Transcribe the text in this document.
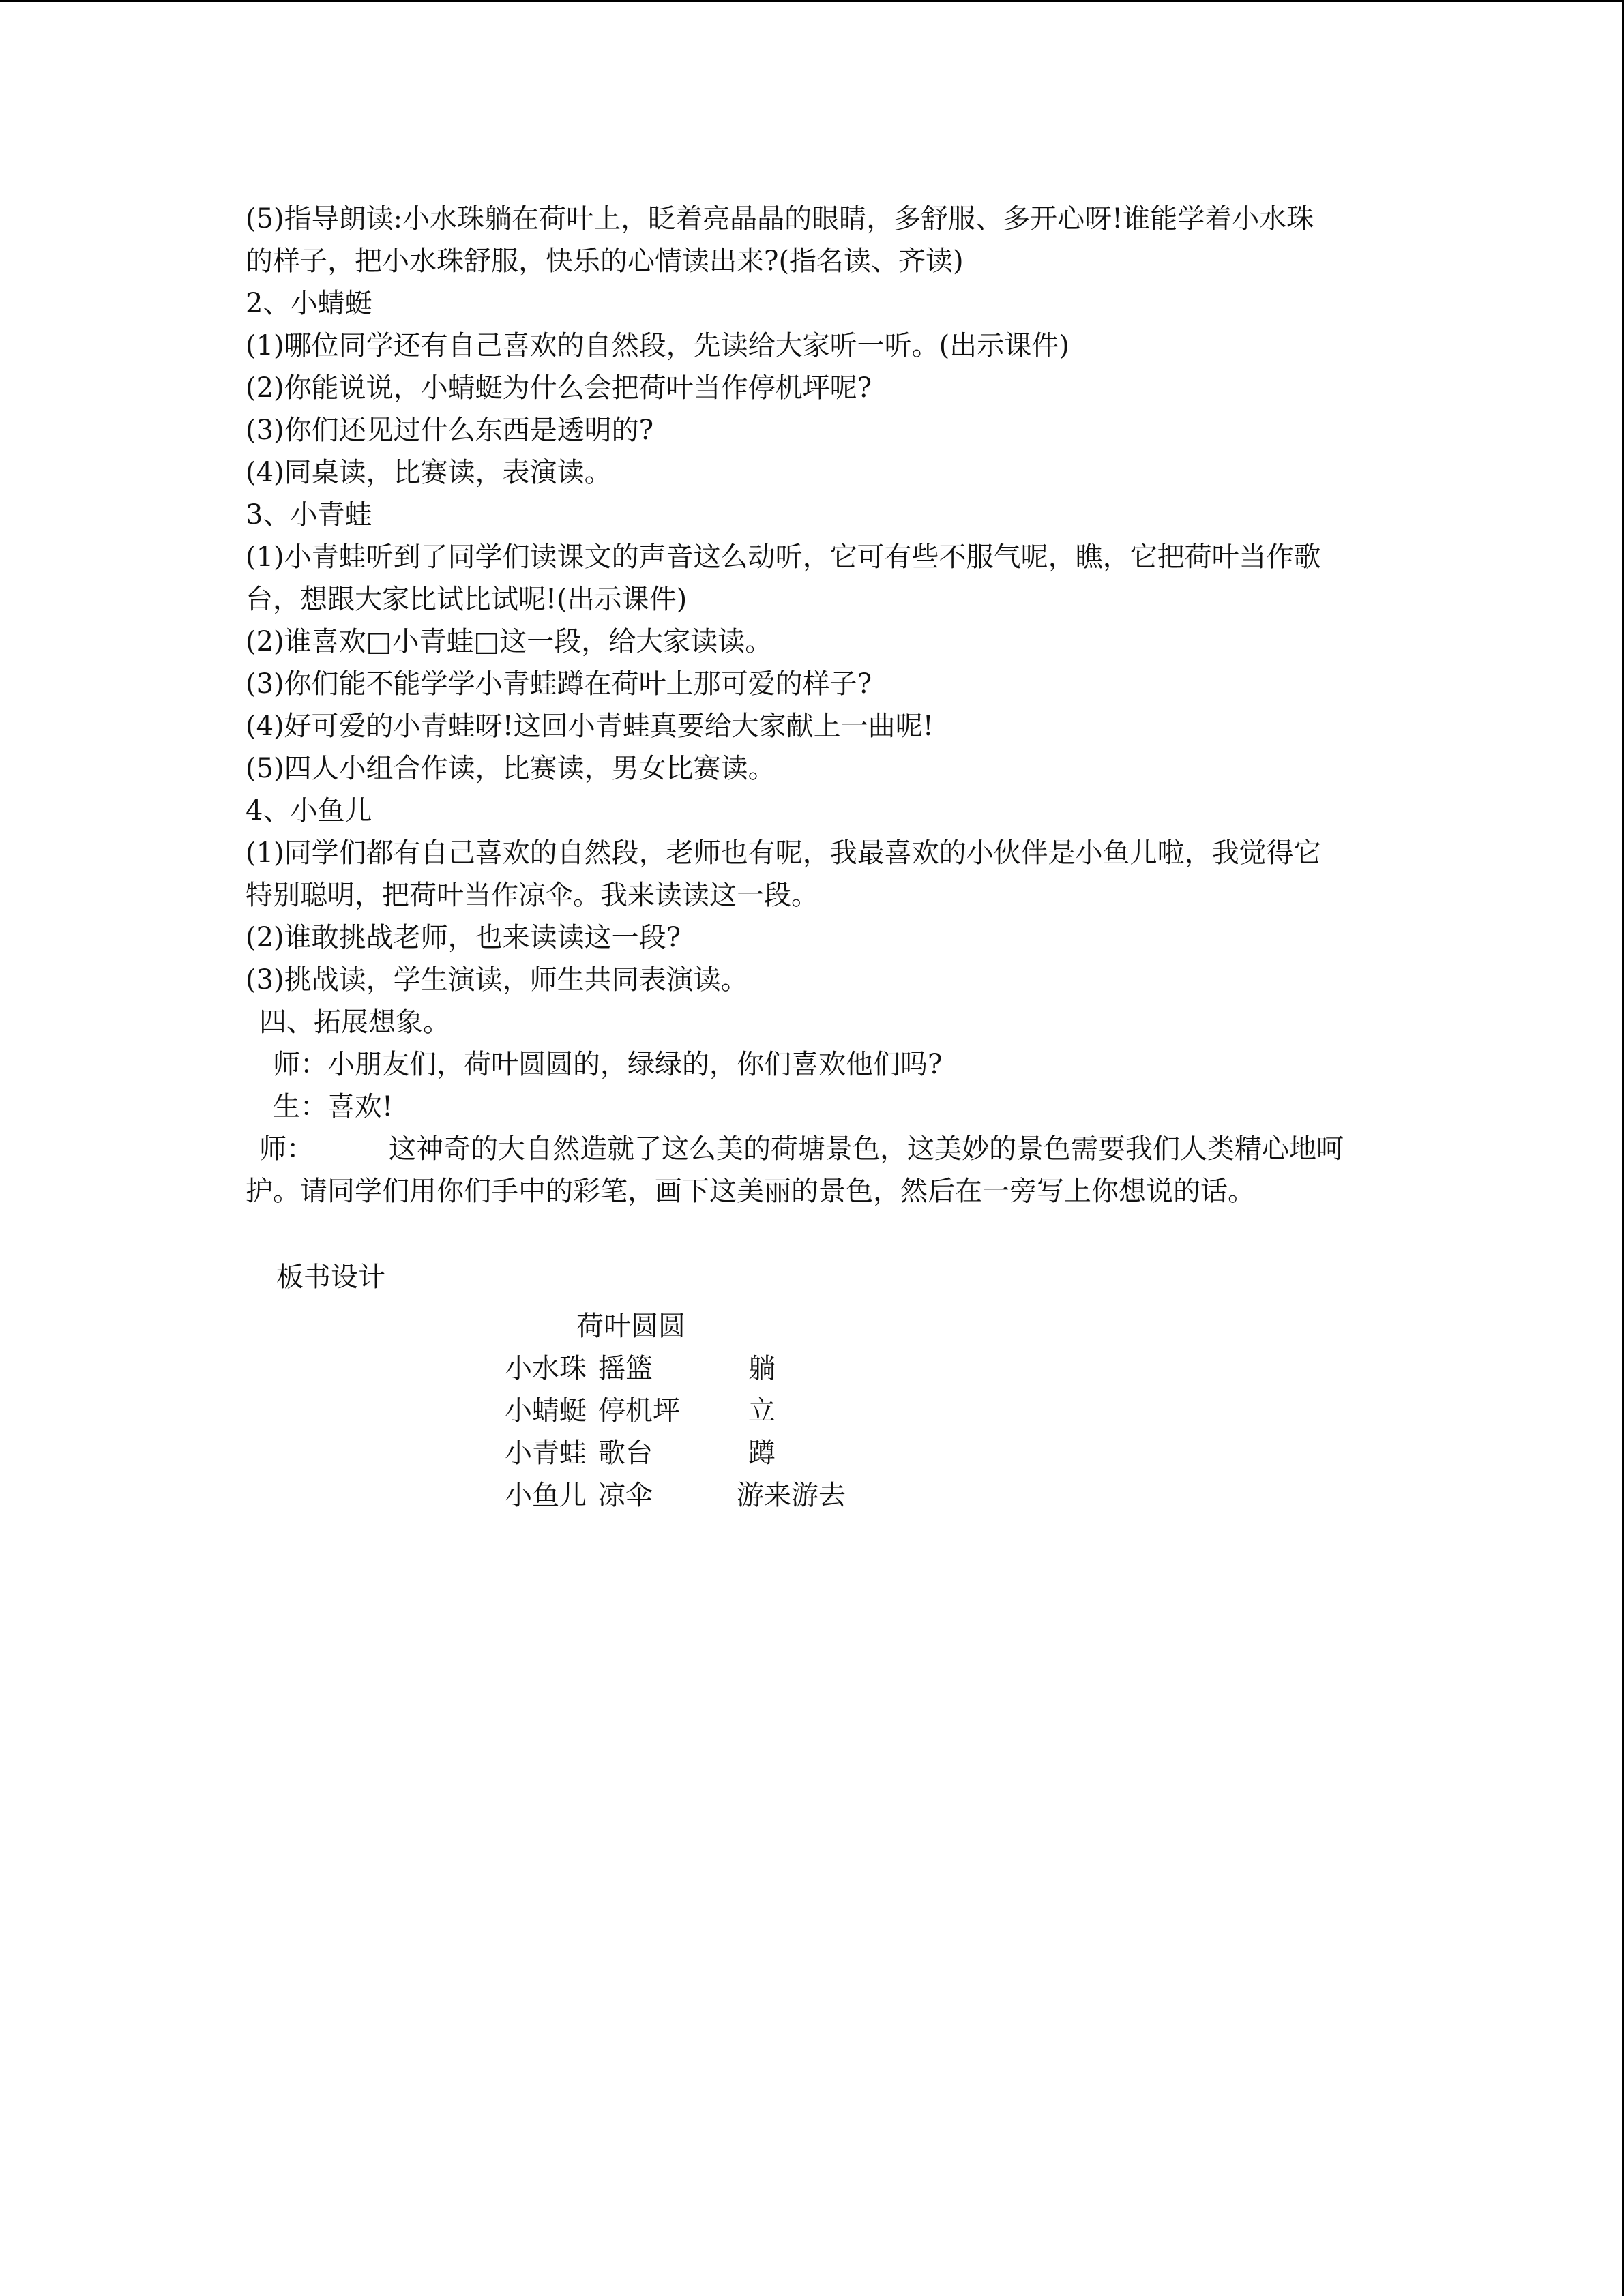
(5)指导朗读:小水珠躺在荷叶上，眨着亮晶晶的眼睛，多舒服、多开心呀!谁能学着小水珠
的样子，把小水珠舒服，快乐的心情读出来?(指名读、齐读)
2、小蜻蜓
(1)哪位同学还有自己喜欢的自然段，先读给大家听一听。(出示课件)
(2)你能说说，小蜻蜓为什么会把荷叶当作停机坪呢?
(3)你们还见过什么东西是透明的?
(4)同桌读，比赛读，表演读。
3、小青蛙
(1)小青蛙听到了同学们读课文的声音这么动听，它可有些不服气呢，瞧，它把荷叶当作歌
台，想跟大家比试比试呢!(出示课件)
(2)谁喜欢□小青蛙□这一段，给大家读读。
(3)你们能不能学学小青蛙蹲在荷叶上那可爱的样子?
(4)好可爱的小青蛙呀!这回小青蛙真要给大家献上一曲呢!
(5)四人小组合作读，比赛读，男女比赛读。
4、小鱼儿
(1)同学们都有自己喜欢的自然段，老师也有呢，我最喜欢的小伙伴是小鱼儿啦，我觉得它
特别聪明，把荷叶当作凉伞。我来读读这一段。
(2)谁敢挑战老师，也来读读这一段?
(3)挑战读，学生演读，师生共同表演读。
四、拓展想象。
师：小朋友们，荷叶圆圆的，绿绿的，你们喜欢他们吗?
生：喜欢!
师：	这神奇的大自然造就了这么美的荷塘景色，这美妙的景色需要我们人类精心地呵
护。请同学们用你们手中的彩笔，画下这美丽的景色，然后在一旁写上你想说的话。
板书设计
荷叶圆圆
小水珠 摇篮	躺
小蜻蜓 停机坪	立
小青蛙 歌台	蹲
小鱼儿 凉伞	游来游去
